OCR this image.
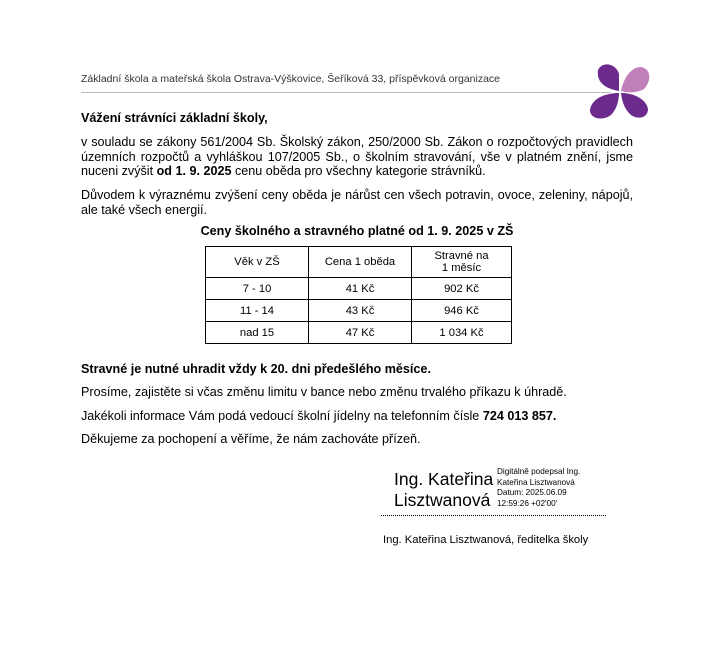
Základní škola a mateřská škola Ostrava-Výškovice, Šeříková 33, příspěvková organizace
Vážení strávníci základní školy,
v souladu se zákony 561/2004 Sb. Školský zákon, 250/2000 Sb. Zákon o rozpočtových pravidlech územních rozpočtů a vyhláškou 107/2005 Sb., o školním stravování, vše v platném znění, jsme nuceni zvýšit od 1. 9. 2025 cenu oběda pro všechny kategorie strávníků.
Důvodem k výraznému zvýšení ceny oběda je nárůst cen všech potravin, ovoce, zeleniny, nápojů, ale také všech energií.
Ceny školného a stravného platné od 1. 9. 2025 v ZŠ
Věk v ZŠ	Cena 1 oběda	Stravné na
1 měsíc
7 - 10	41 Kč	902 Kč
11 - 14	43 Kč	946 Kč
nad 15	47 Kč	1 034 Kč
Stravné je nutné uhradit vždy k 20. dni předešlého měsíce.
Prosíme, zajistěte si včas změnu limitu v bance nebo změnu trvalého příkazu k úhradě.
Jakékoli informace Vám podá vedoucí školní jídelny na telefonním čísle 724 013 857.
Děkujeme za pochopení a věříme, že nám zachováte přízeň.
Ing. Kateřina
Lisztwanová
Digitálně podepsal Ing.
Kateřina Lisztwanová
Datum: 2025.06.09
12:59:26 +02'00'
Ing. Kateřina Lisztwanová, ředitelka školy
